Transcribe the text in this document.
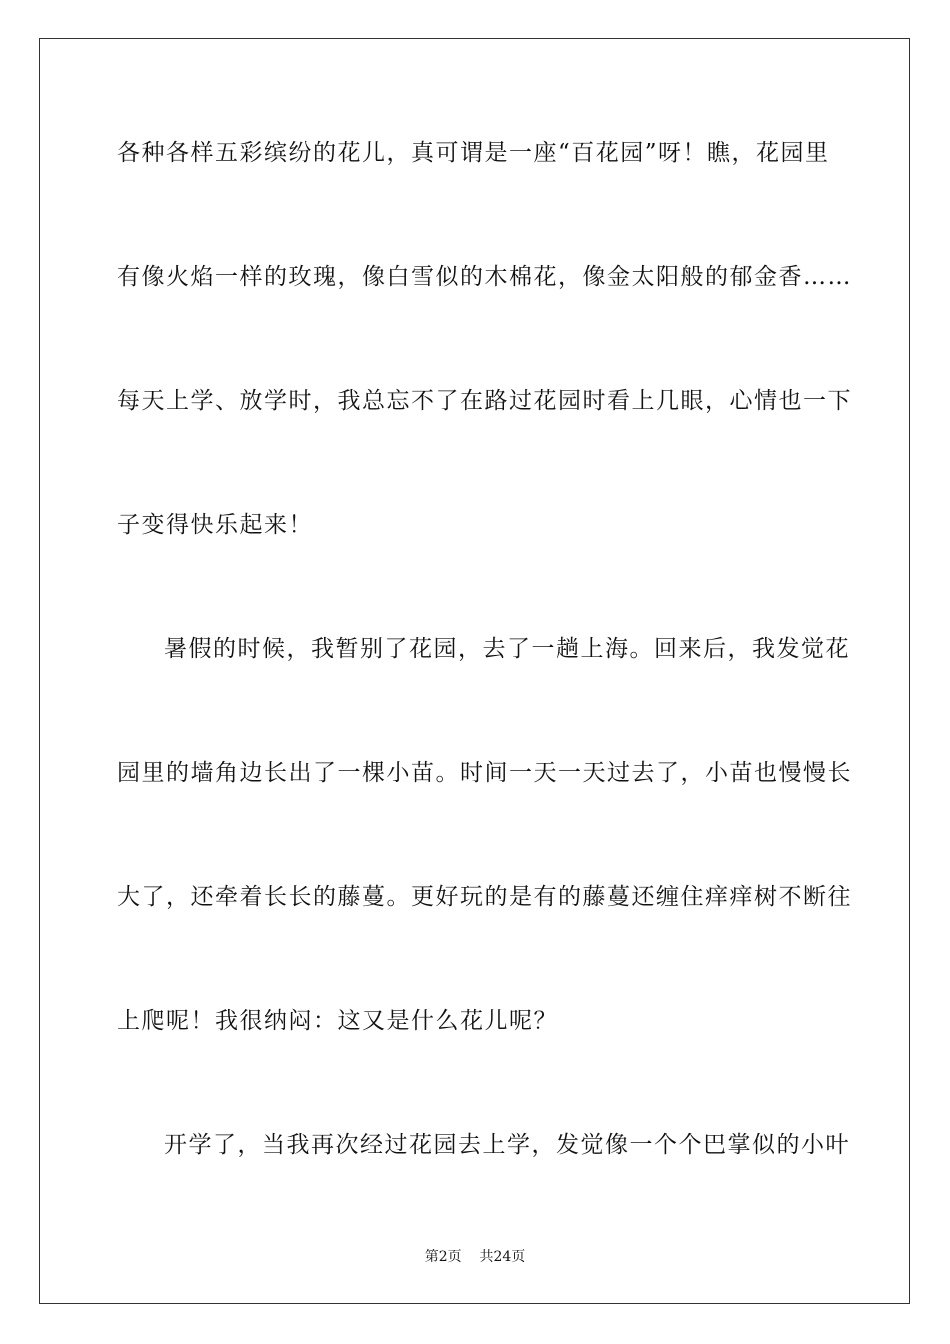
各种各样五彩缤纷的花儿，真可谓是一座“百花园”呀！瞧，花园里
有像火焰一样的玫瑰，像白雪似的木棉花，像金太阳般的郁金香……
每天上学、放学时，我总忘不了在路过花园时看上几眼，心情也一下
子变得快乐起来！
暑假的时候，我暂别了花园，去了一趟上海。回来后，我发觉花
园里的墙角边长出了一棵小苗。时间一天一天过去了，小苗也慢慢长
大了，还牵着长长的藤蔓。更好玩的是有的藤蔓还缠住痒痒树不断往
上爬呢！我很纳闷：这又是什么花儿呢？
开学了，当我再次经过花园去上学，发觉像一个个巴掌似的小叶
第2页 共24页
